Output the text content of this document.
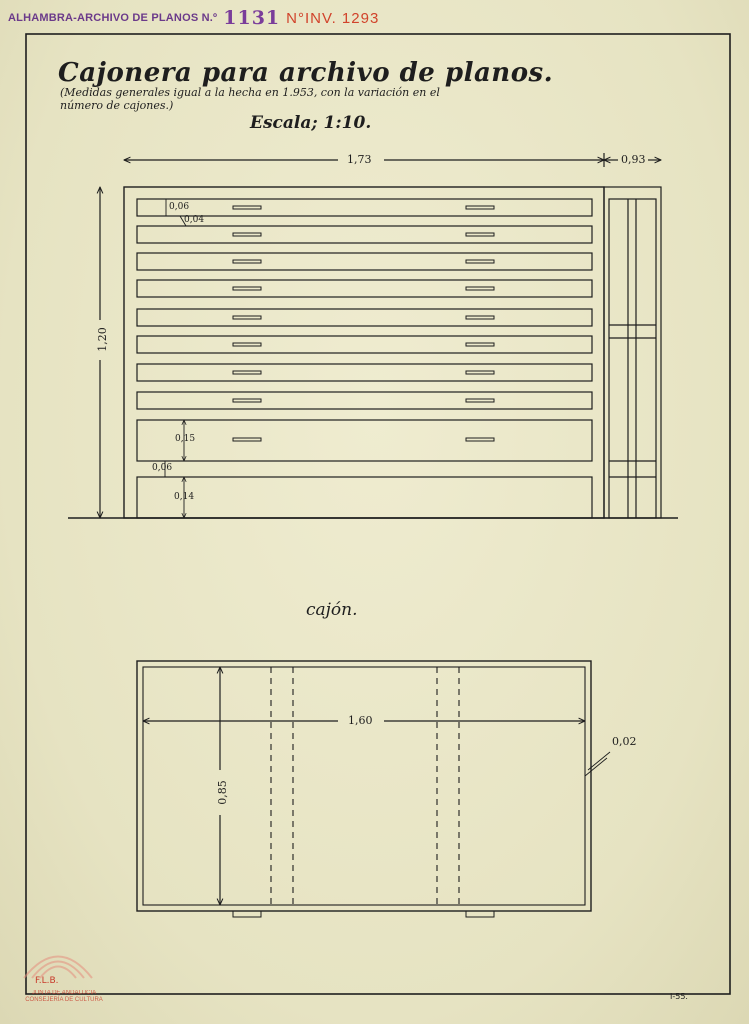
ALHAMBRA-ARCHIVO DE PLANOS N.º 1131 N°INV. 1293
Cajonera para archivo de planos.
(Medidas generales igual a la hecha en 1.953, con la variación en el
número de cajones.)
Escala; 1:10.
1,73	0,93
1,20
0,06
0,04
0,15
0,06
0,14
cajón.
1,60
0,85
0,02
F.L.B.
JUNTA DE ANDALUCIA
CONSEJERÍA DE CULTURA	I-55.
